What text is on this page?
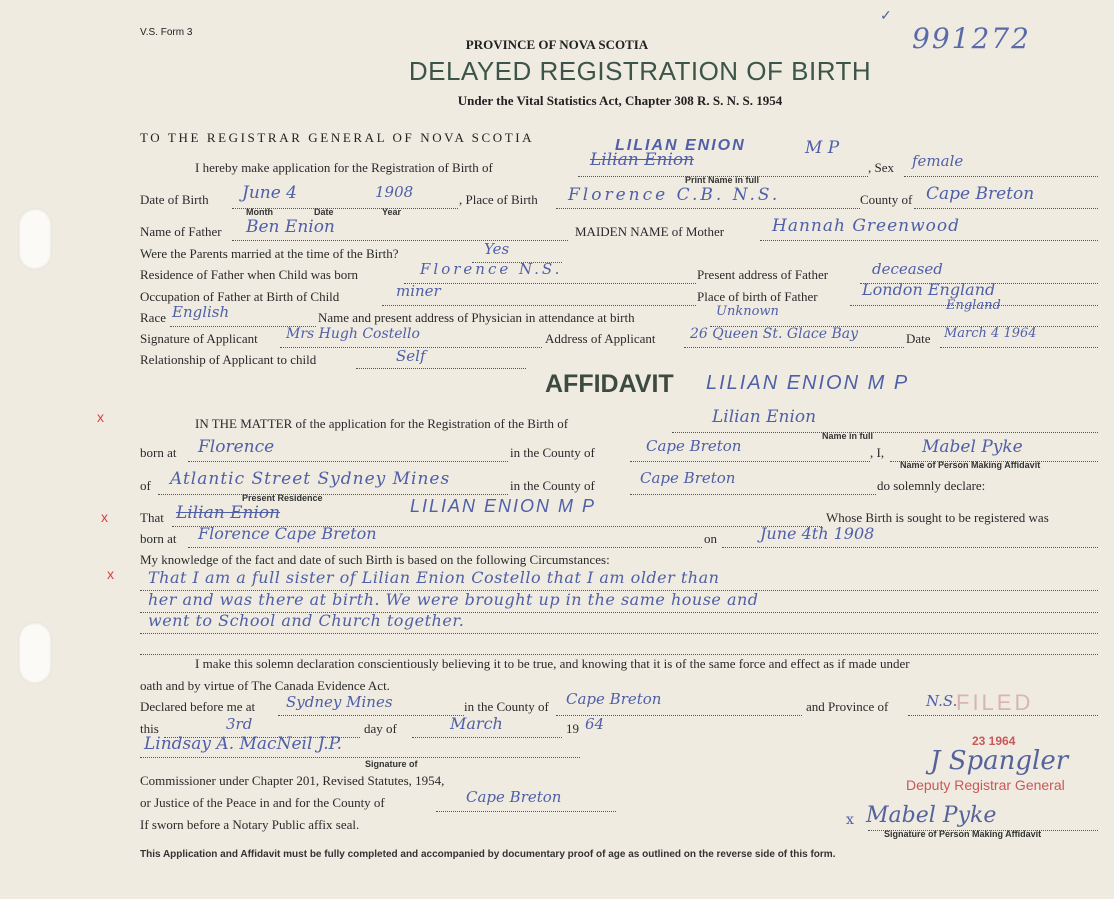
V.S. Form 3
✓
991272
PROVINCE OF NOVA SCOTIA
DELAYED REGISTRATION OF BIRTH
Under the Vital Statistics Act, Chapter 308 R. S. N. S. 1954
TO THE REGISTRAR GENERAL OF NOVA SCOTIA
I hereby make application for the Registration of Birth of
LILIAN ENION
Lilian Enion
M P
Print Name in full
, Sex female
Date of Birth June 4	1908
Month	Date	Year
, Place of Birth Florence C.B. N.S.	County of Cape Breton
Name of Father Ben Enion	MAIDEN NAME of Mother	Hannah Greenwood
Were the Parents married at the time of the Birth?	Yes
Residence of Father when Child was born	Florence N.S.	Present address of Father	deceased
Occupation of Father at Birth of Child	miner	Place of birth of Father	London England
England
Race English	Name and present address of Physician in attendance at birth	Unknown
Signature of Applicant Mrs Hugh Costello	Address of Applicant 26 Queen St. Glace Bay	Date March 4 1964
Relationship of Applicant to child	Self
AFFIDAVIT LILIAN ENION M P
x
x
x
IN THE MATTER of the application for the Registration of the Birth of	Lilian Enion
Name in full
born at Florence	in the County of	Cape Breton	, I, Mabel Pyke
Name of Person Making Affidavit
of Atlantic Street Sydney Mines
Present Residence
in the County of	Cape Breton	do solemnly declare:
That Lilian Enion	LILIAN ENION M P
Whose Birth is sought to be registered was
born at Florence Cape Breton	on	June 4th 1908
My knowledge of the fact and date of such Birth is based on the following Circumstances:
That I am a full sister of Lilian Enion Costello that I am older than
her and was there at birth. We were brought up in the same house and
went to School and Church together.
I make this solemn declaration conscientiously believing it to be true, and knowing that it is of the same force and effect as if made under
oath and by virtue of The Canada Evidence Act.
Declared before me at Sydney Mines	in the County of Cape Breton	and Province of	N.S.
this	3rd	day of	March	19 64
Lindsay A. MacNeil J.P.
Signature of
Commissioner under Chapter 201, Revised Statutes, 1954,
or Justice of the Peace in and for the County of	Cape Breton
If sworn before a Notary Public affix seal.
FILED
23 1964
Deputy Registrar General
J Spangler
x Mabel Pyke
Signature of Person Making Affidavit
This Application and Affidavit must be fully completed and accompanied by documentary proof of age as outlined on the reverse side of this form.
